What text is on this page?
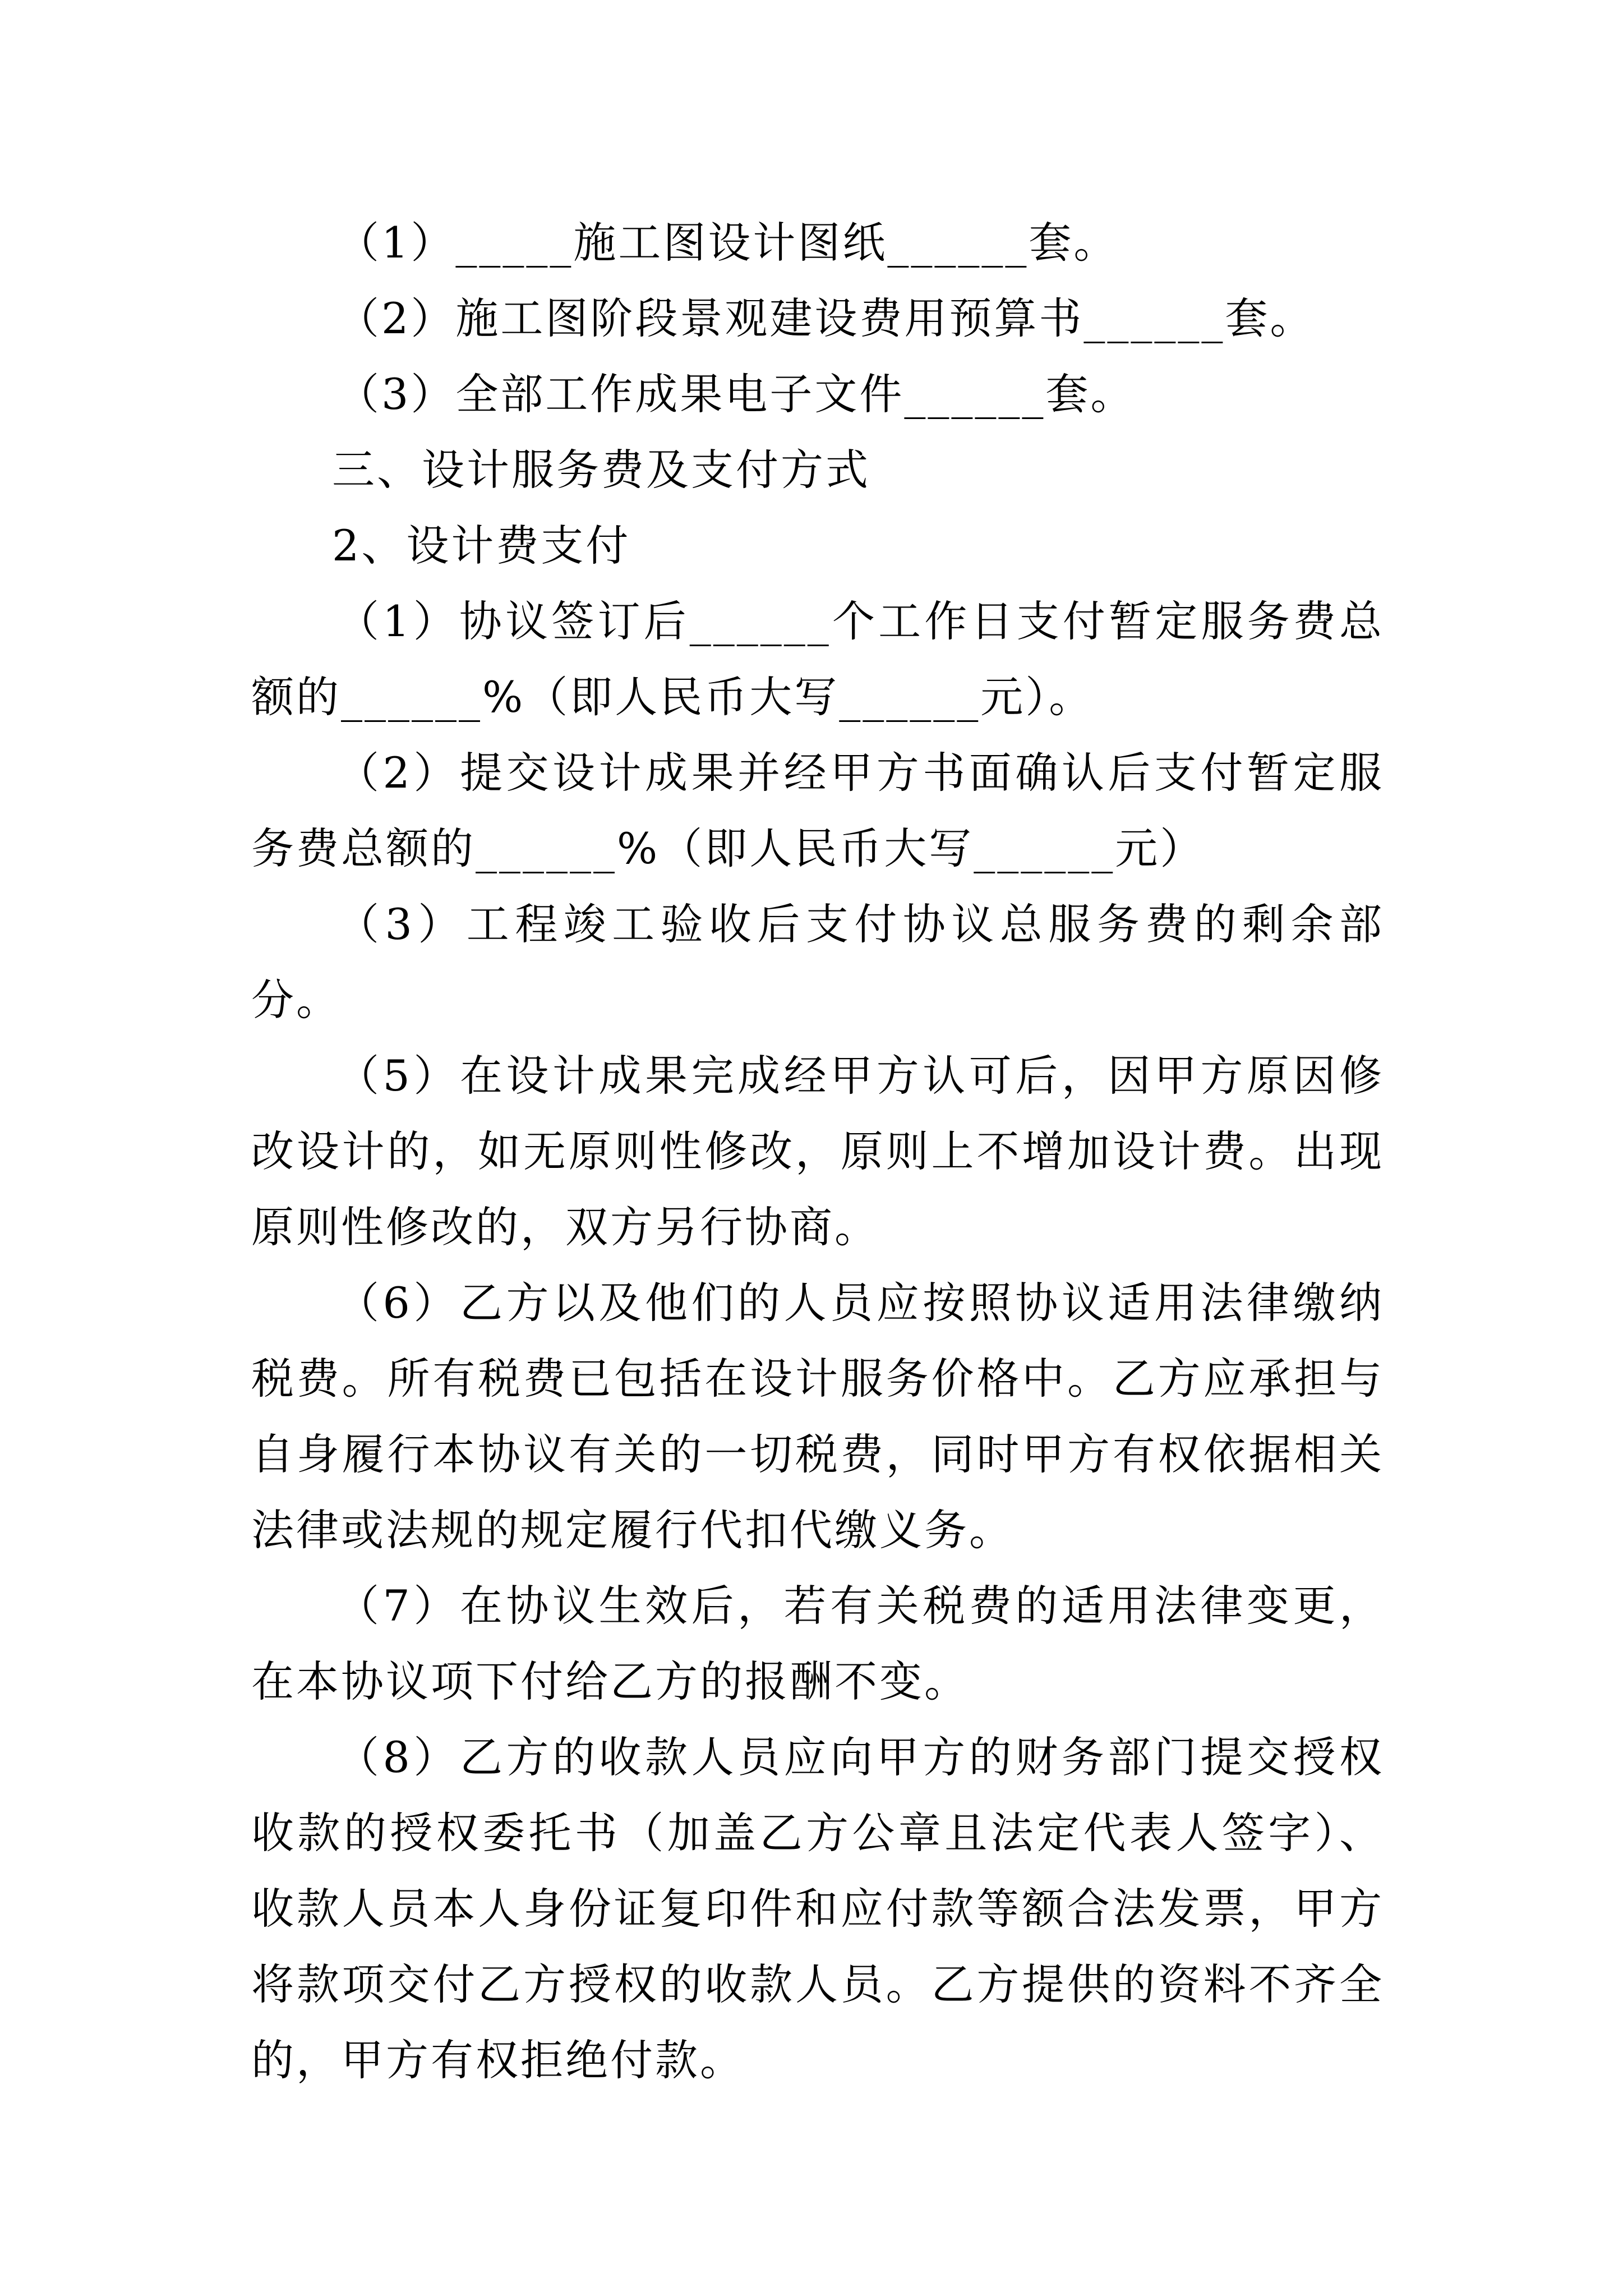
（1）_____施工图设计图纸______套。

（2）施工图阶段景观建设费用预算书______套。

（3）全部工作成果电子文件______套。

三、设计服务费及支付方式

2、设计费支付

（1）协议签订后______个工作日支付暂定服务费总额的______%（即人民币大写______元）。

（2）提交设计成果并经甲方书面确认后支付暂定服务费总额的______%（即人民币大写______元）

（3）工程竣工验收后支付协议总服务费的剩余部分。

（5）在设计成果完成经甲方认可后，因甲方原因修改设计的，如无原则性修改，原则上不增加设计费。出现原则性修改的，双方另行协商。

（6）乙方以及他们的人员应按照协议适用法律缴纳税费。所有税费已包括在设计服务价格中。乙方应承担与自身履行本协议有关的一切税费，同时甲方有权依据相关法律或法规的规定履行代扣代缴义务。

（7）在协议生效后，若有关税费的适用法律变更，在本协议项下付给乙方的报酬不变。

（8）乙方的收款人员应向甲方的财务部门提交授权收款的授权委托书（加盖乙方公章且法定代表人签字）、收款人员本人身份证复印件和应付款等额合法发票，甲方将款项交付乙方授权的收款人员。乙方提供的资料不齐全的，甲方有权拒绝付款。
